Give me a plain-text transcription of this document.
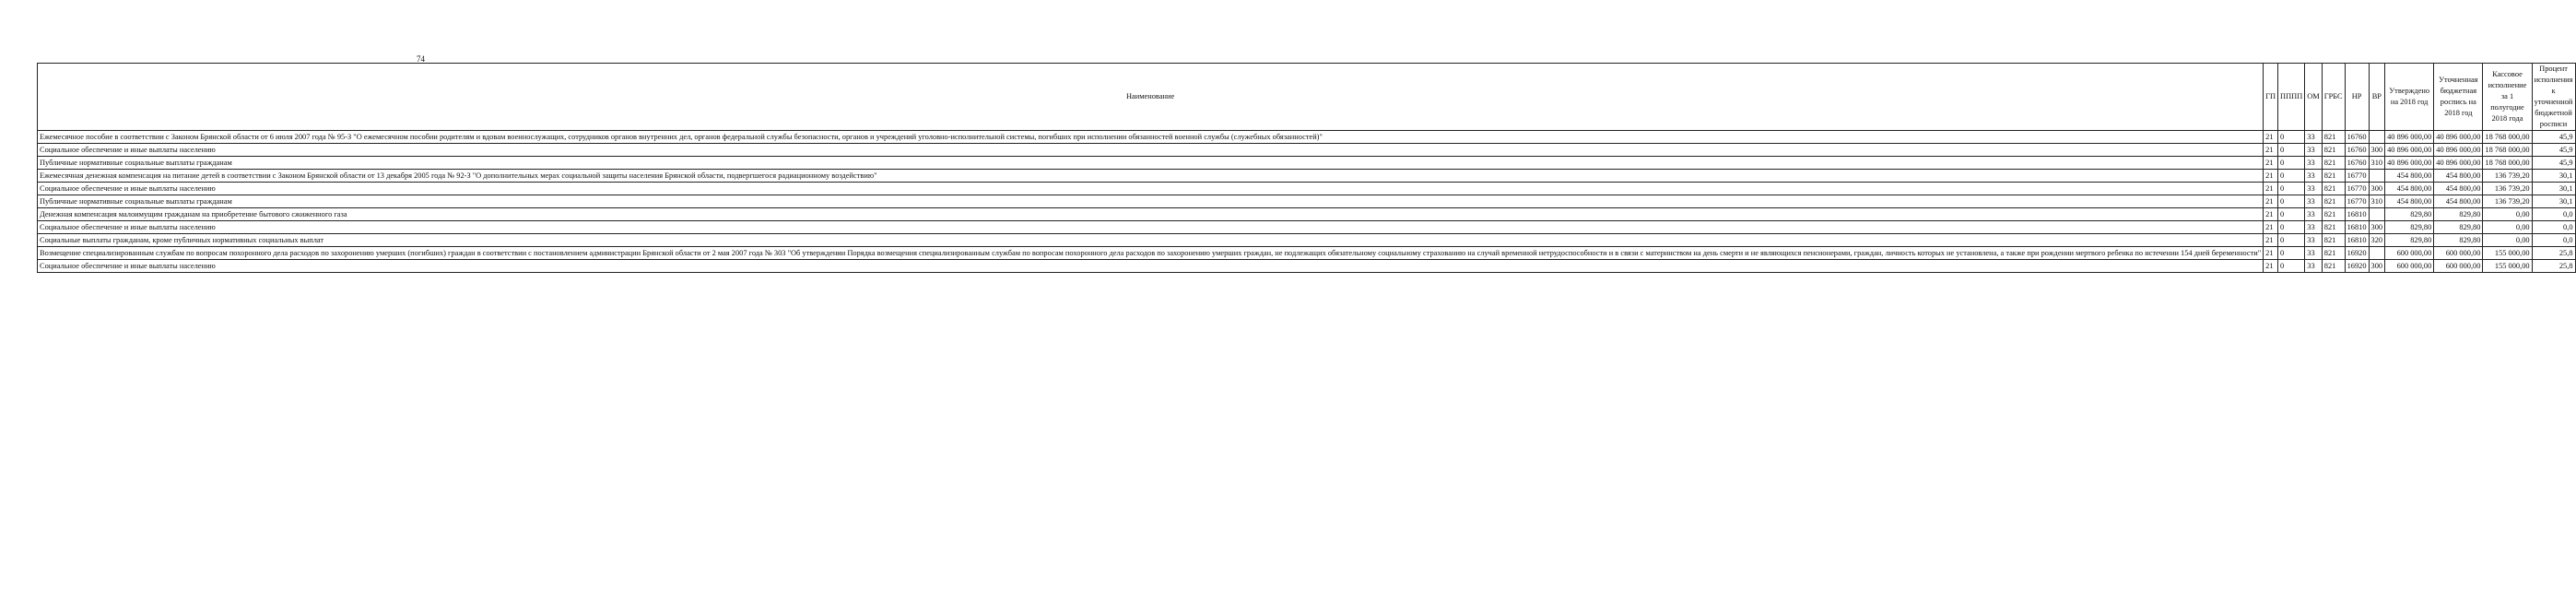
74
Наименование	ГП	ПППП	ОМ	ГРБС	НР	ВР	Утверждено на 2018 год	Уточненная бюджетная роспись на 2018 год	Кассовое исполнение за 1 полугодие 2018 года	Процент исполнения к уточненной бюджетной росписи
Ежемесячное пособие в соответствии с Законом Брянской области от 6 июля 2007 года № 95-З "О ежемесячном пособии родителям и вдовам военнослужащих, сотрудников органов внутренних дел, органов федеральной службы безопасности, органов и учреждений уголовно-исполнительной системы, погибших при исполнении обязанностей военной службы (служебных обязанностей)"	21	0	33	821	16760		40 896 000,00	40 896 000,00	18 768 000,00	45,9
Социальное обеспечение и иные выплаты населению	21	0	33	821	16760	300	40 896 000,00	40 896 000,00	18 768 000,00	45,9
Публичные нормативные социальные выплаты гражданам	21	0	33	821	16760	310	40 896 000,00	40 896 000,00	18 768 000,00	45,9
Ежемесячная денежная компенсация на питание детей в соответствии с Законом Брянской области от 13 декабря 2005 года № 92-З "О дополнительных мерах социальной защиты населения Брянской области, подвергшегося радиационному воздействию"	21	0	33	821	16770		454 800,00	454 800,00	136 739,20	30,1
Социальное обеспечение и иные выплаты населению	21	0	33	821	16770	300	454 800,00	454 800,00	136 739,20	30,1
Публичные нормативные социальные выплаты гражданам	21	0	33	821	16770	310	454 800,00	454 800,00	136 739,20	30,1
Денежная компенсация малоимущим гражданам на приобретение бытового сжиженного газа	21	0	33	821	16810		829,80	829,80	0,00	0,0
Социальное обеспечение и иные выплаты населению	21	0	33	821	16810	300	829,80	829,80	0,00	0,0
Социальные выплаты гражданам, кроме публичных нормативных социальных выплат	21	0	33	821	16810	320	829,80	829,80	0,00	0,0
Возмещение специализированным службам по вопросам похоронного дела расходов по захоронению умерших (погибших) граждан в соответствии с постановлением администрации Брянской области от 2 мая 2007 года № 303 "Об утверждении Порядка возмещения специализированным службам по вопросам похоронного дела расходов по захоронению умерших граждан, не подлежащих обязательному социальному страхованию на случай временной нетрудоспособности и в связи с материнством на день смерти и не являющихся пенсионерами, граждан, личность которых не установлена, а также при рождении мертвого ребенка по истечении 154 дней беременности"	21	0	33	821	16920		600 000,00	600 000,00	155 000,00	25,8
Социальное обеспечение и иные выплаты населению	21	0	33	821	16920	300	600 000,00	600 000,00	155 000,00	25,8
